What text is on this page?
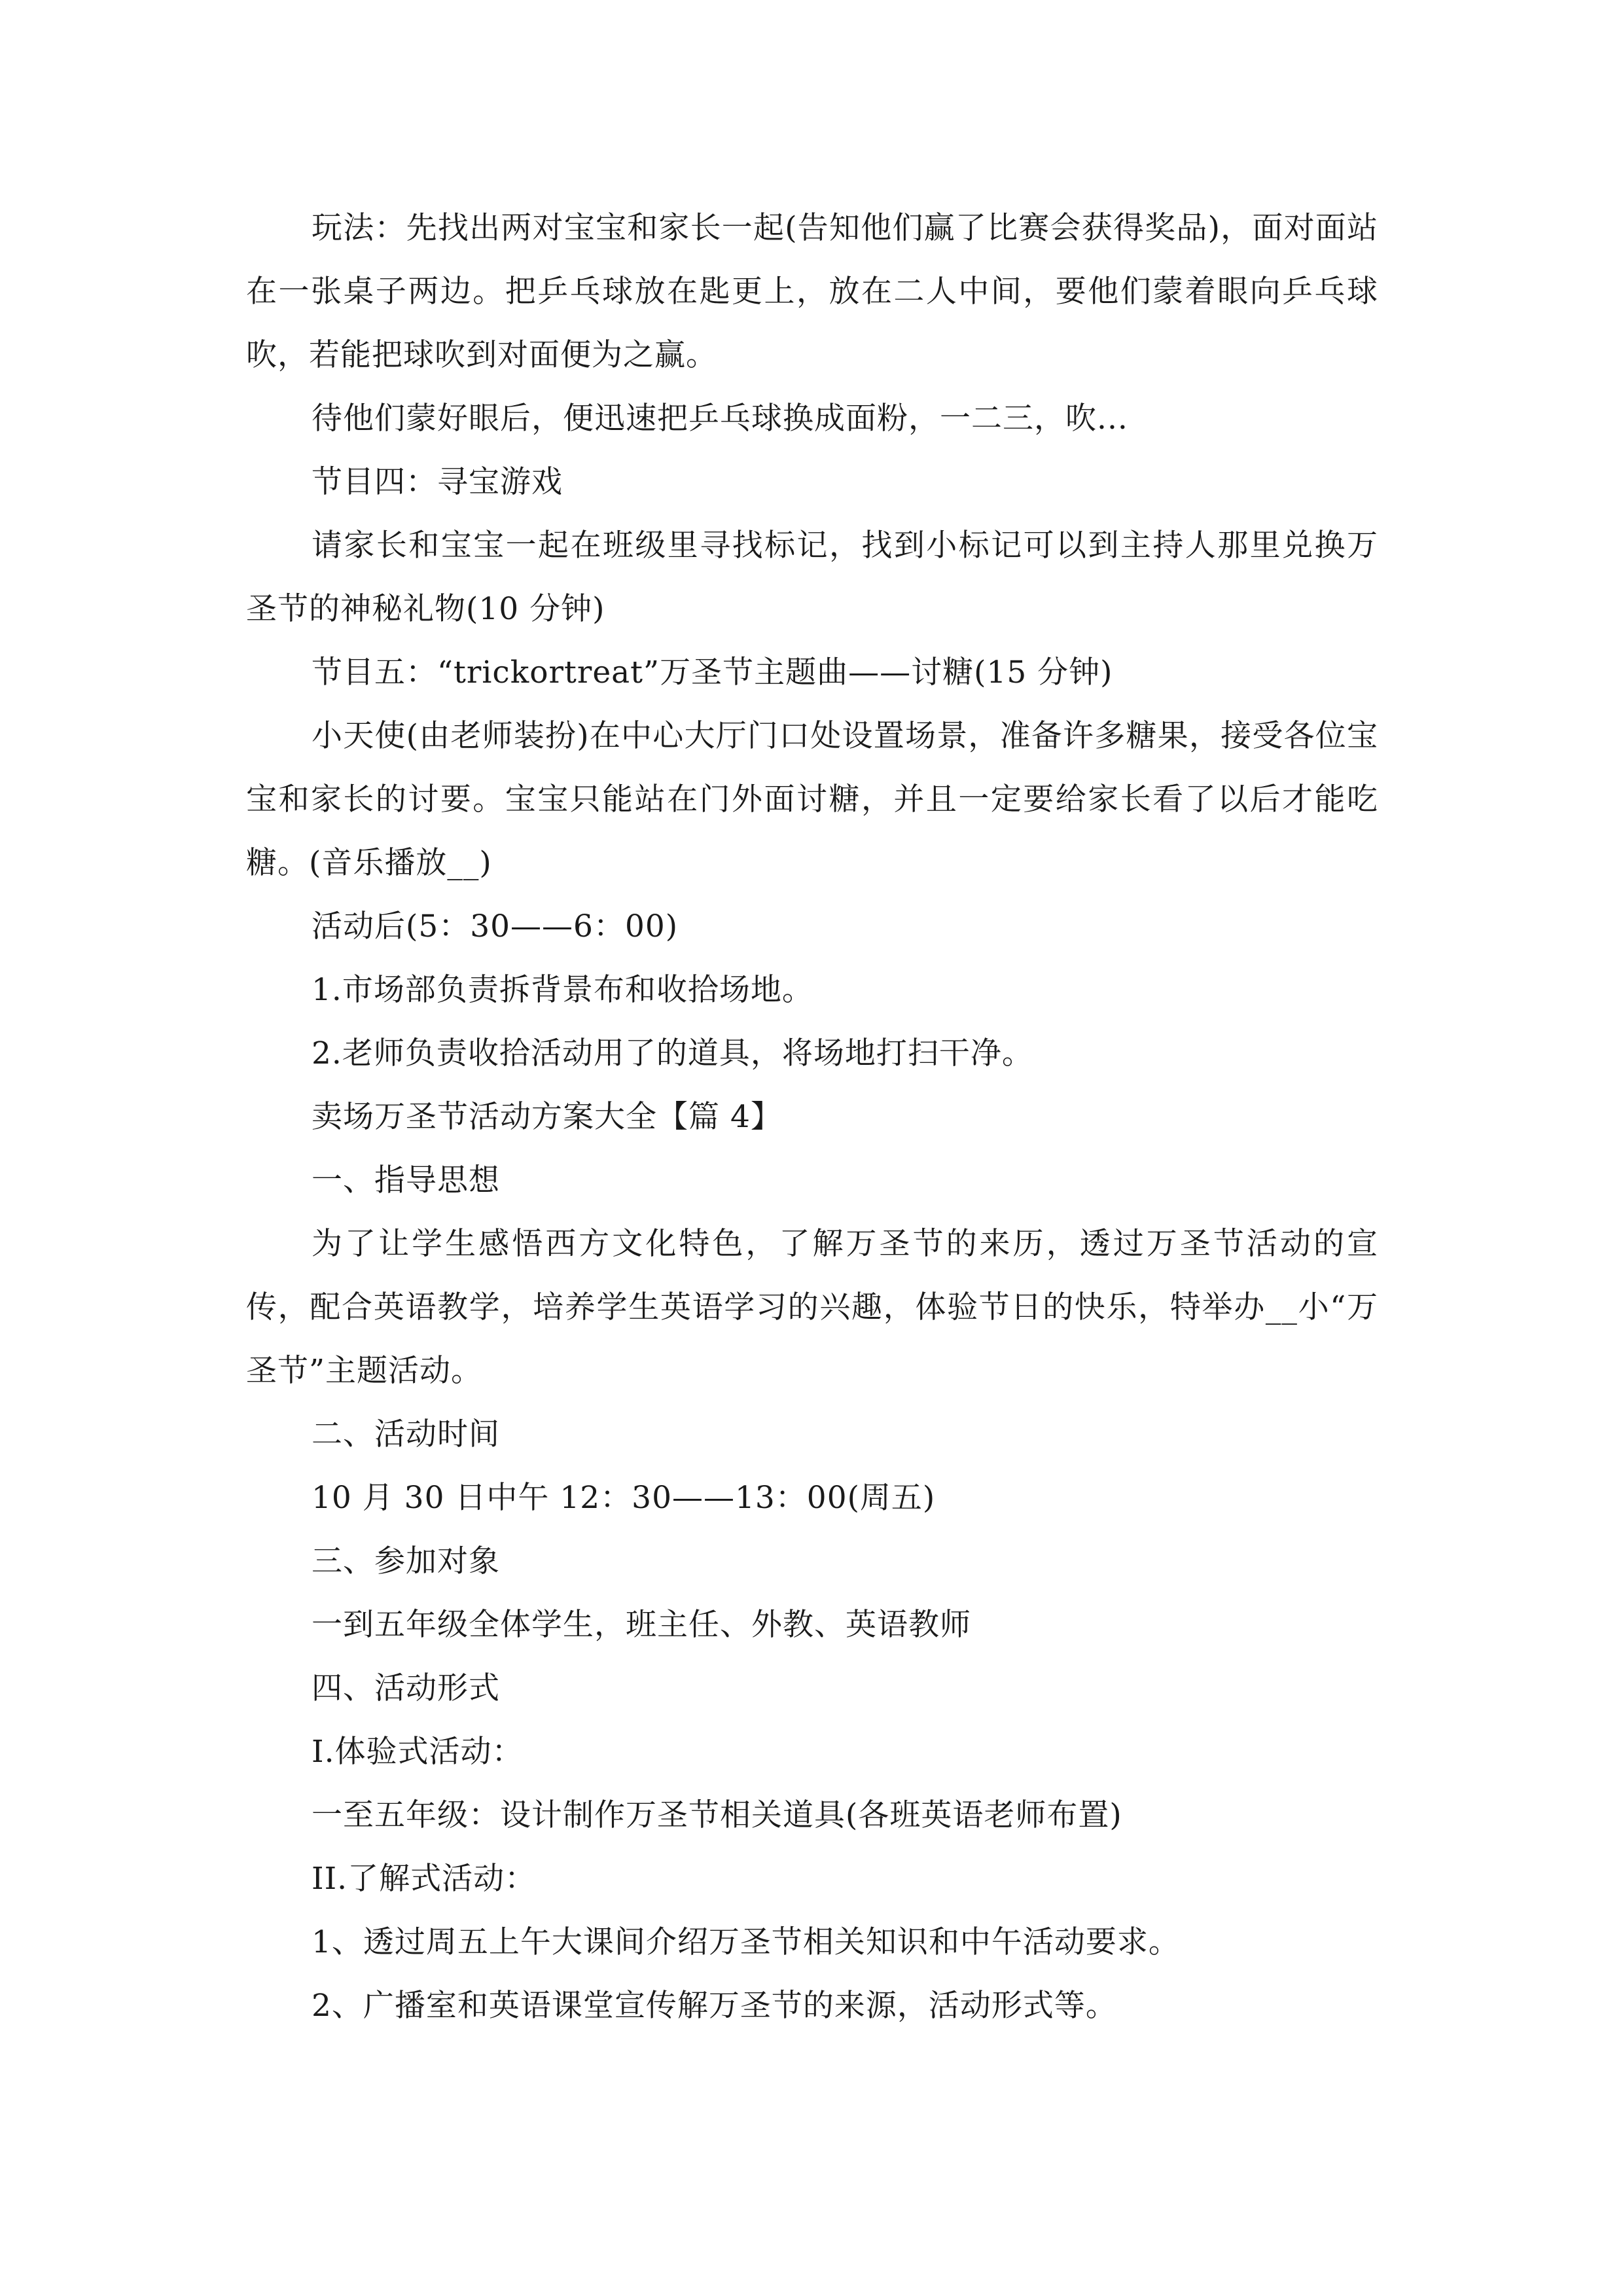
玩法：先找出两对宝宝和家长一起(告知他们赢了比赛会获得奖品)，面对面站在一张桌子两边。把乒乓球放在匙更上，放在二人中间，要他们蒙着眼向乒乓球吹，若能把球吹到对面便为之赢。

待他们蒙好眼后，便迅速把乒乓球换成面粉，一二三，吹...

节目四：寻宝游戏

请家长和宝宝一起在班级里寻找标记，找到小标记可以到主持人那里兑换万圣节的神秘礼物(10 分钟)

节目五：“trickortreat”万圣节主题曲——讨糖(15 分钟)

小天使(由老师装扮)在中心大厅门口处设置场景，准备许多糖果，接受各位宝宝和家长的讨要。宝宝只能站在门外面讨糖，并且一定要给家长看了以后才能吃糖。(音乐播放__)

活动后(5：30——6：00)

1.市场部负责拆背景布和收拾场地。

2.老师负责收拾活动用了的道具，将场地打扫干净。

卖场万圣节活动方案大全【篇 4】

一、指导思想

为了让学生感悟西方文化特色，了解万圣节的来历，透过万圣节活动的宣传，配合英语教学，培养学生英语学习的兴趣，体验节日的快乐，特举办__小“万圣节”主题活动。

二、活动时间

10 月 30 日中午 12：30——13：00(周五)

三、参加对象

一到五年级全体学生，班主任、外教、英语教师

四、活动形式

I.体验式活动：

一至五年级：设计制作万圣节相关道具(各班英语老师布置)

II.了解式活动：

1、透过周五上午大课间介绍万圣节相关知识和中午活动要求。

2、广播室和英语课堂宣传解万圣节的来源，活动形式等。
